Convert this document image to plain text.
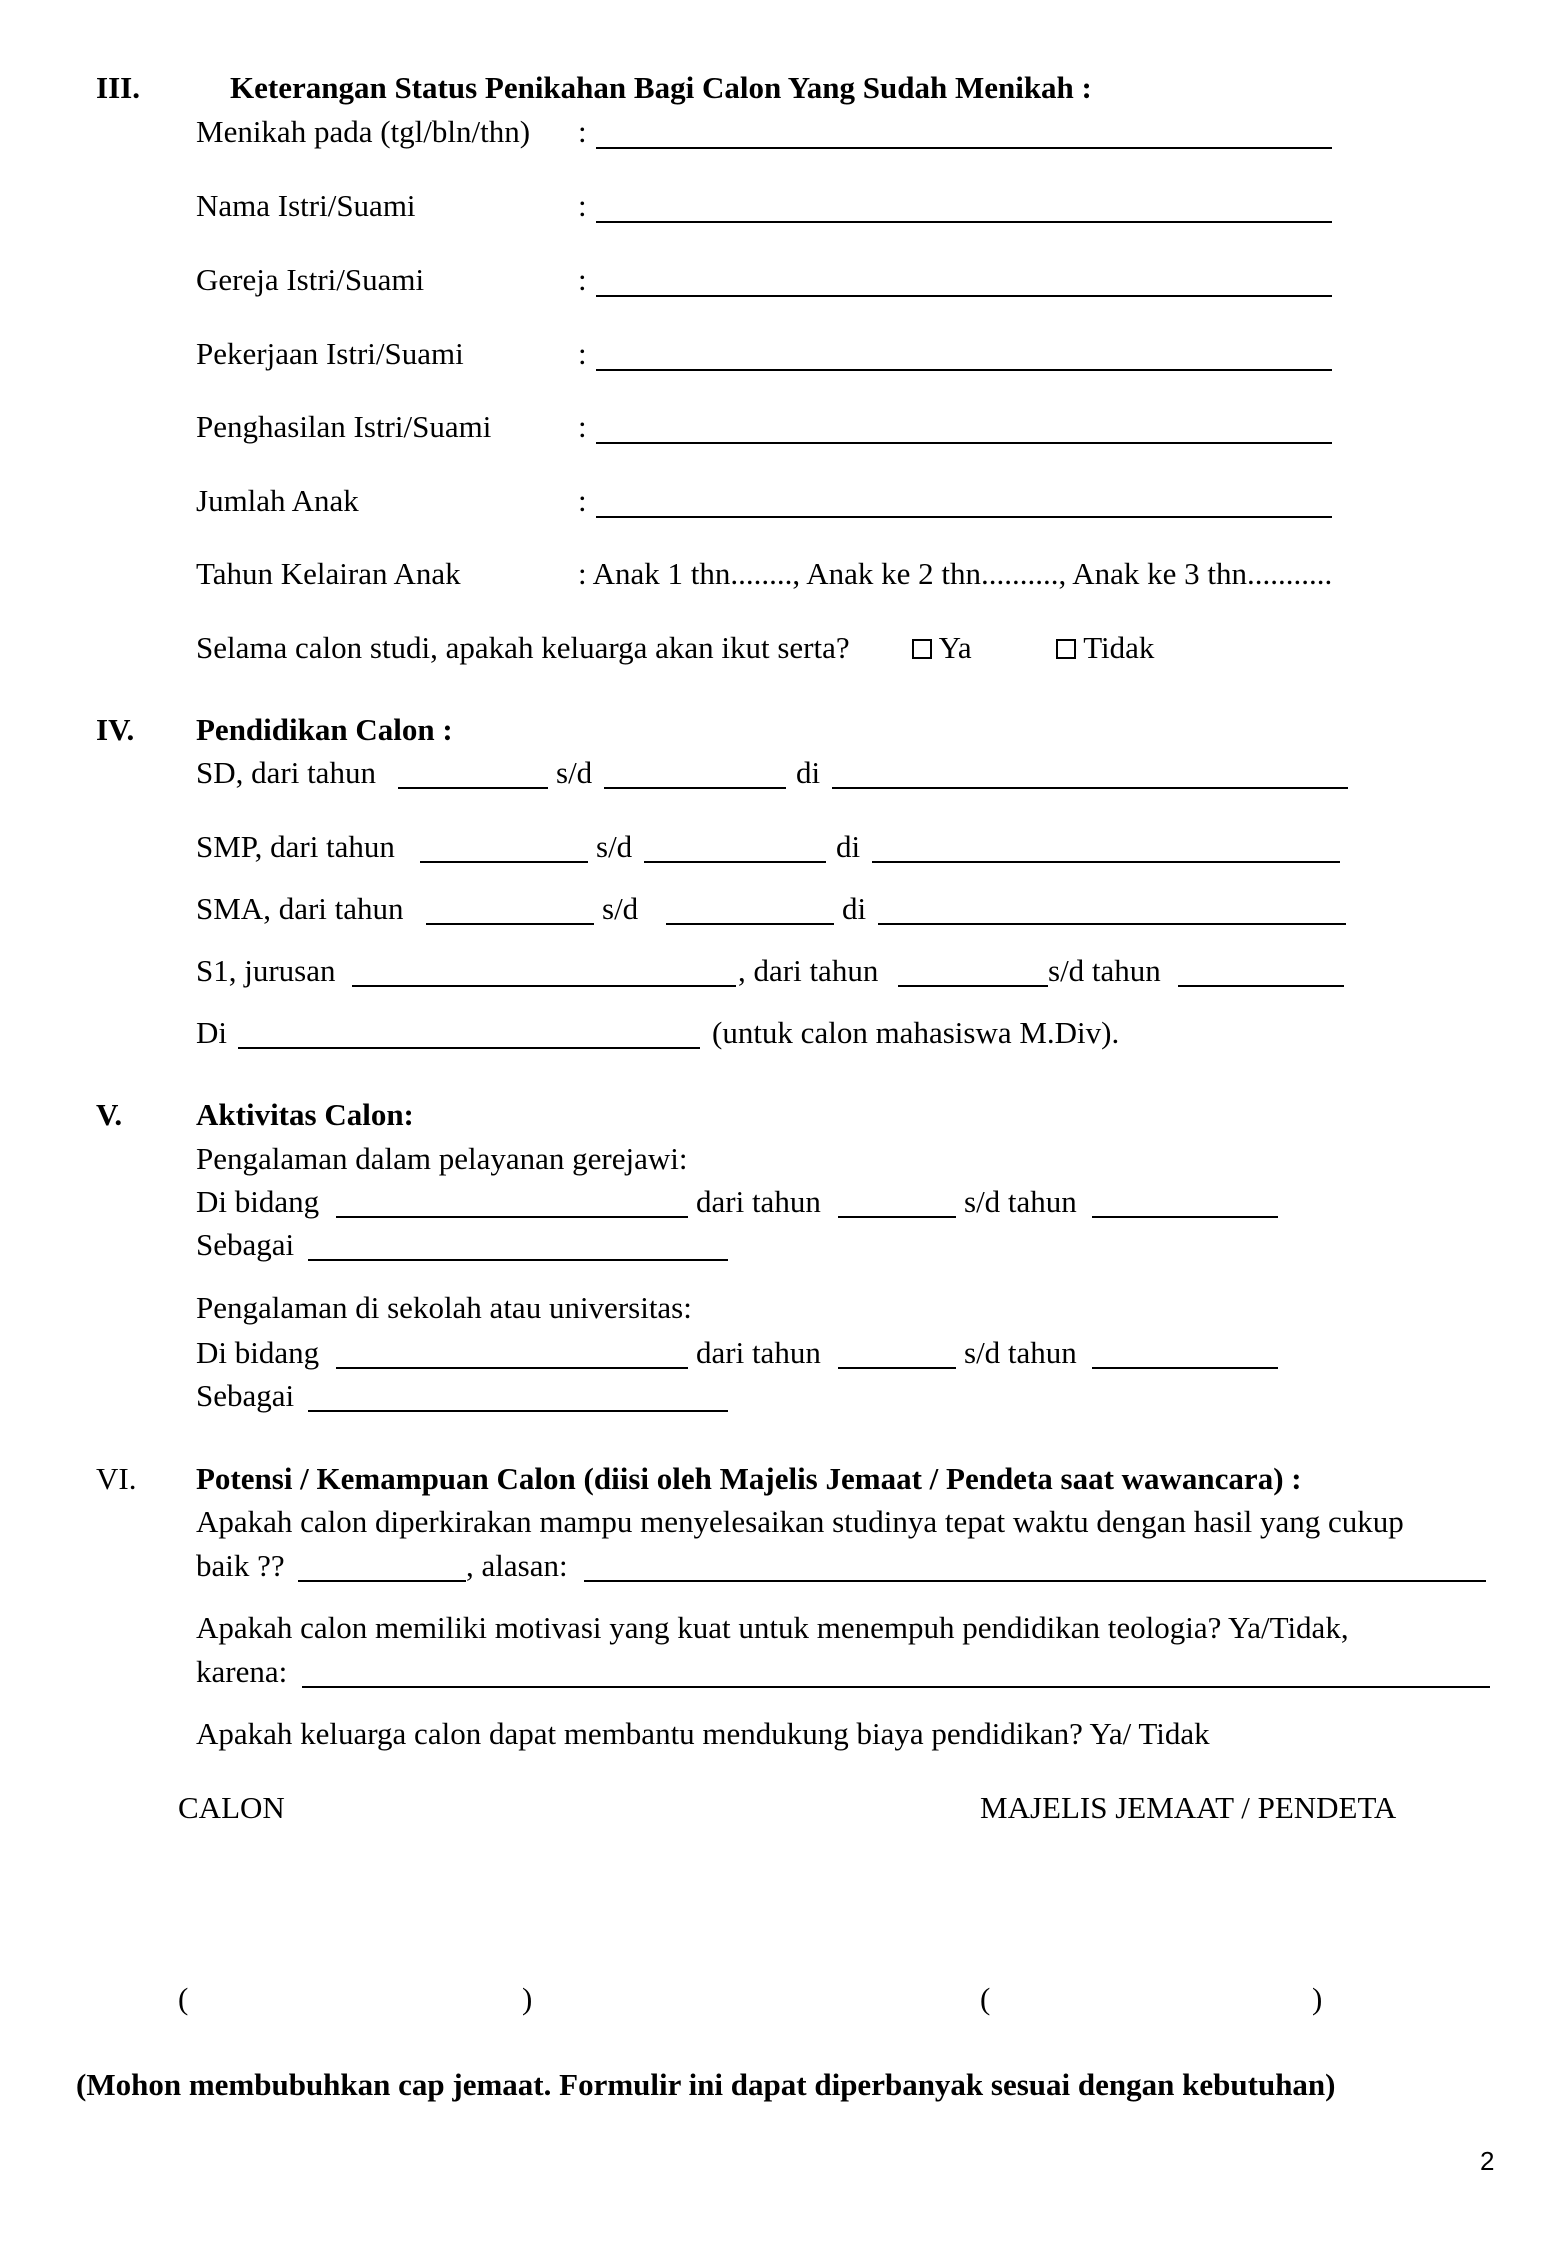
III.	Keterangan Status Penikahan Bagi Calon Yang Sudah Menikah :
Menikah pada (tgl/bln/thn) :
Nama Istri/Suami	:
Gereja Istri/Suami	:
Pekerjaan Istri/Suami	:
Penghasilan Istri/Suami	:
Jumlah Anak	:
Tahun Kelairan Anak	: Anak 1 thn........, Anak ke 2 thn.........., Anak ke 3 thn...........
Selama calon studi, apakah keluarga akan ikut serta?	Ya	Tidak
IV. Pendidikan Calon :
SD, dari tahun	s/d	di
SMP, dari tahun	s/d	di
SMA, dari tahun	s/d	di
S1, jurusan	, dari tahun	s/d tahun
Di	(untuk calon mahasiswa M.Div).
V. Aktivitas Calon:
Pengalaman dalam pelayanan gerejawi:
Di bidang	dari tahun	s/d tahun
Sebagai
Pengalaman di sekolah atau universitas:
Di bidang	dari tahun	s/d tahun
Sebagai
VI. Potensi / Kemampuan Calon (diisi oleh Majelis Jemaat / Pendeta saat wawancara) :
Apakah calon diperkirakan mampu menyelesaikan studinya tepat waktu dengan hasil yang cukup
baik ??	, alasan:
Apakah calon memiliki motivasi yang kuat untuk menempuh pendidikan teologia? Ya/Tidak,
karena:
Apakah keluarga calon dapat membantu mendukung biaya pendidikan? Ya/ Tidak
CALON	MAJELIS JEMAAT / PENDETA
(	)	(	)
(Mohon membubuhkan cap jemaat. Formulir ini dapat diperbanyak sesuai dengan kebutuhan)
2
